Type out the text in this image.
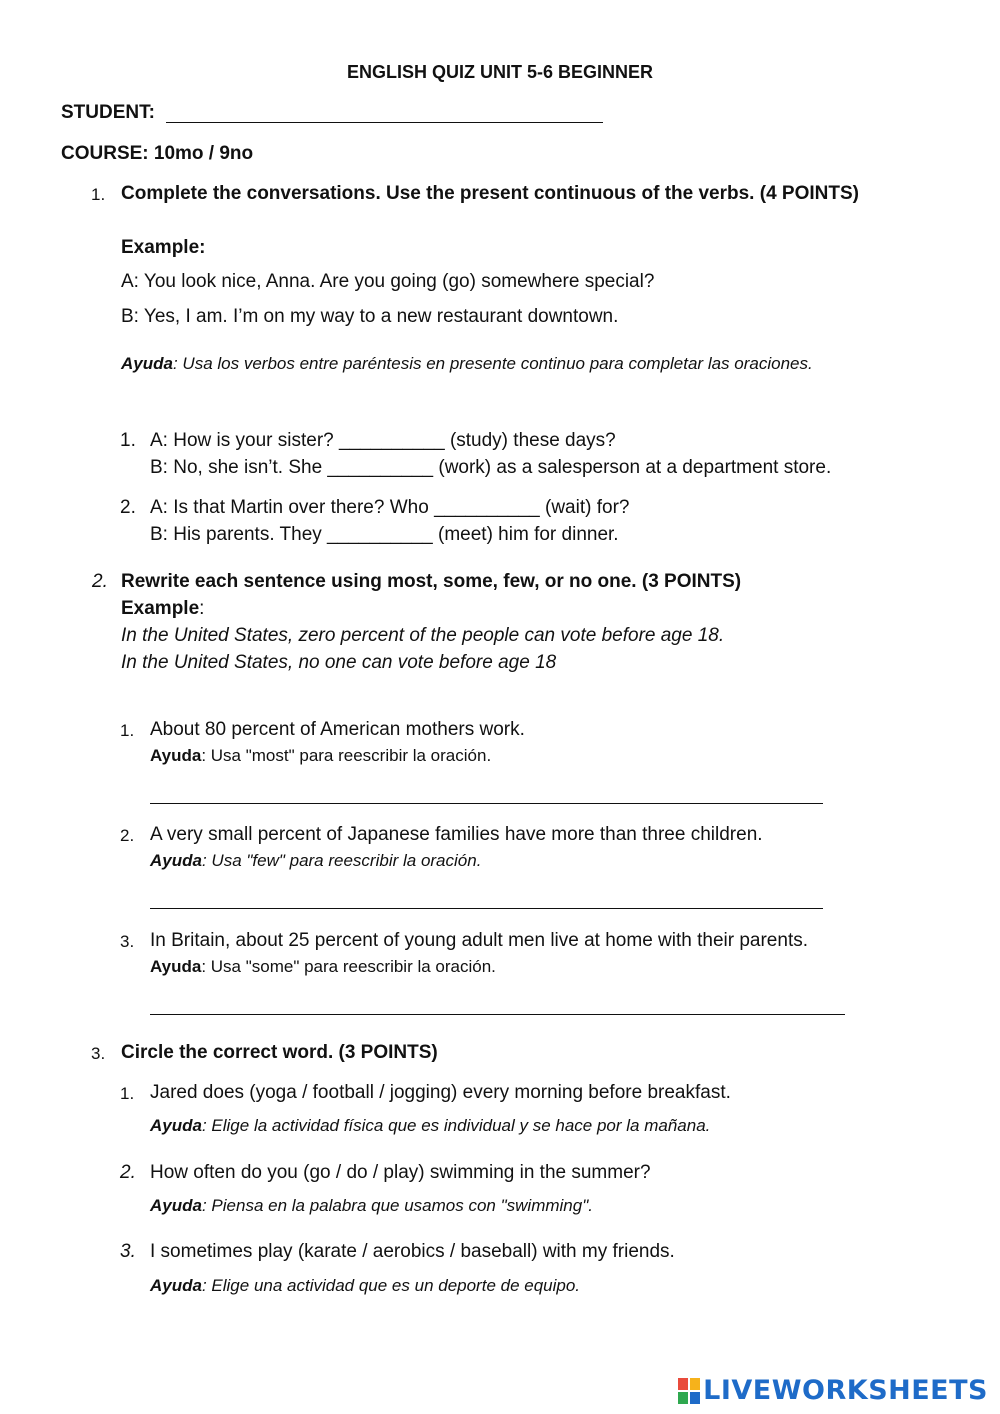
ENGLISH QUIZ UNIT 5-6 BEGINNER
STUDENT:
COURSE: 10mo / 9no
1. Complete the conversations. Use the present continuous of the verbs. (4 POINTS)
Example:
A: You look nice, Anna. Are you going (go) somewhere special?
B: Yes, I am. I’m on my way to a new restaurant downtown.
Ayuda: Usa los verbos entre paréntesis en presente continuo para completar las oraciones.
1. A: How is your sister? __________ (study) these days?
B: No, she isn’t. She __________ (work) as a salesperson at a department store.
2. A: Is that Martin over there? Who __________ (wait) for?
B: His parents. They __________ (meet) him for dinner.
2. Rewrite each sentence using most, some, few, or no one. (3 POINTS)
Example:
In the United States, zero percent of the people can vote before age 18.
In the United States, no one can vote before age 18
1. About 80 percent of American mothers work.
Ayuda: Usa "most" para reescribir la oración.
2. A very small percent of Japanese families have more than three children.
Ayuda: Usa "few" para reescribir la oración.
3. In Britain, about 25 percent of young adult men live at home with their parents.
Ayuda: Usa "some" para reescribir la oración.
3. Circle the correct word. (3 POINTS)
1. Jared does (yoga / football / jogging) every morning before breakfast.
Ayuda: Elige la actividad física que es individual y se hace por la mañana.
2. How often do you (go / do / play) swimming in the summer?
Ayuda: Piensa en la palabra que usamos con "swimming".
3. I sometimes play (karate / aerobics / baseball) with my friends.
Ayuda: Elige una actividad que es un deporte de equipo.
LIVEWORKSHEETS
